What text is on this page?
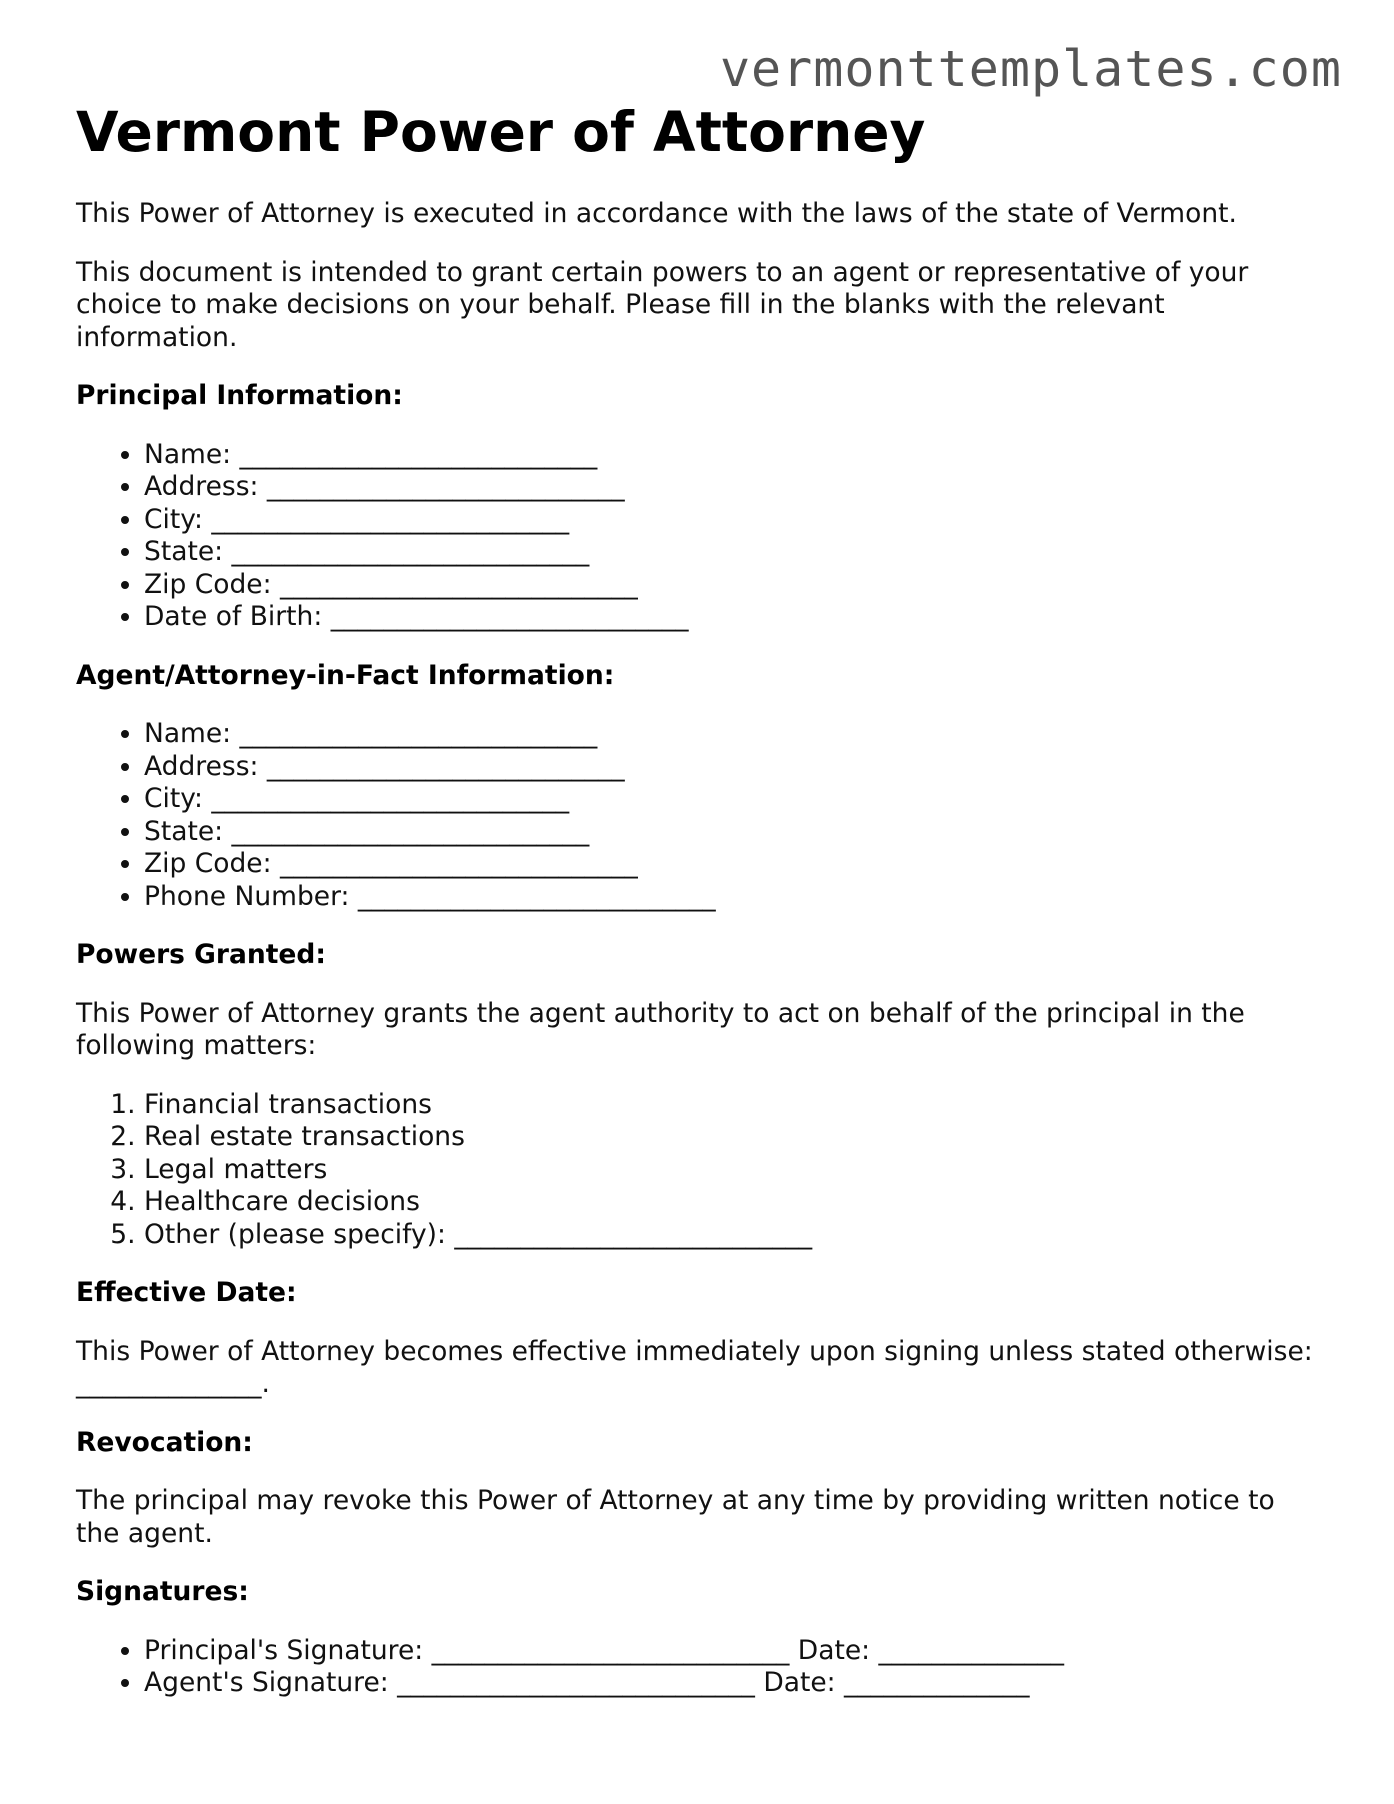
vermonttemplates.com
Vermont Power of Attorney

This Power of Attorney is executed in accordance with the laws of the state of Vermont.

This document is intended to grant certain powers to an agent or representative of your choice to make decisions on your behalf. Please fill in the blanks with the relevant information.

Principal Information:
• Name: ___________________________
• Address: ___________________________
• City: ___________________________
• State: ___________________________
• Zip Code: ___________________________
• Date of Birth: ___________________________
Agent/Attorney-in-Fact Information:
• Name: ___________________________
• Address: ___________________________
• City: ___________________________
• State: ___________________________
• Zip Code: ___________________________
• Phone Number: ___________________________
Powers Granted:

This Power of Attorney grants the agent authority to act on behalf of the principal in the following matters:

1. Financial transactions
2. Real estate transactions
3. Legal matters
4. Healthcare decisions
5. Other (please specify): ___________________________
Effective Date:

This Power of Attorney becomes effective immediately upon signing unless stated otherwise: ______________.

Revocation:

The principal may revoke this Power of Attorney at any time by providing written notice to the agent.

Signatures:
• Principal's Signature: ___________________________ Date: ______________
• Agent's Signature: ___________________________ Date: ______________
